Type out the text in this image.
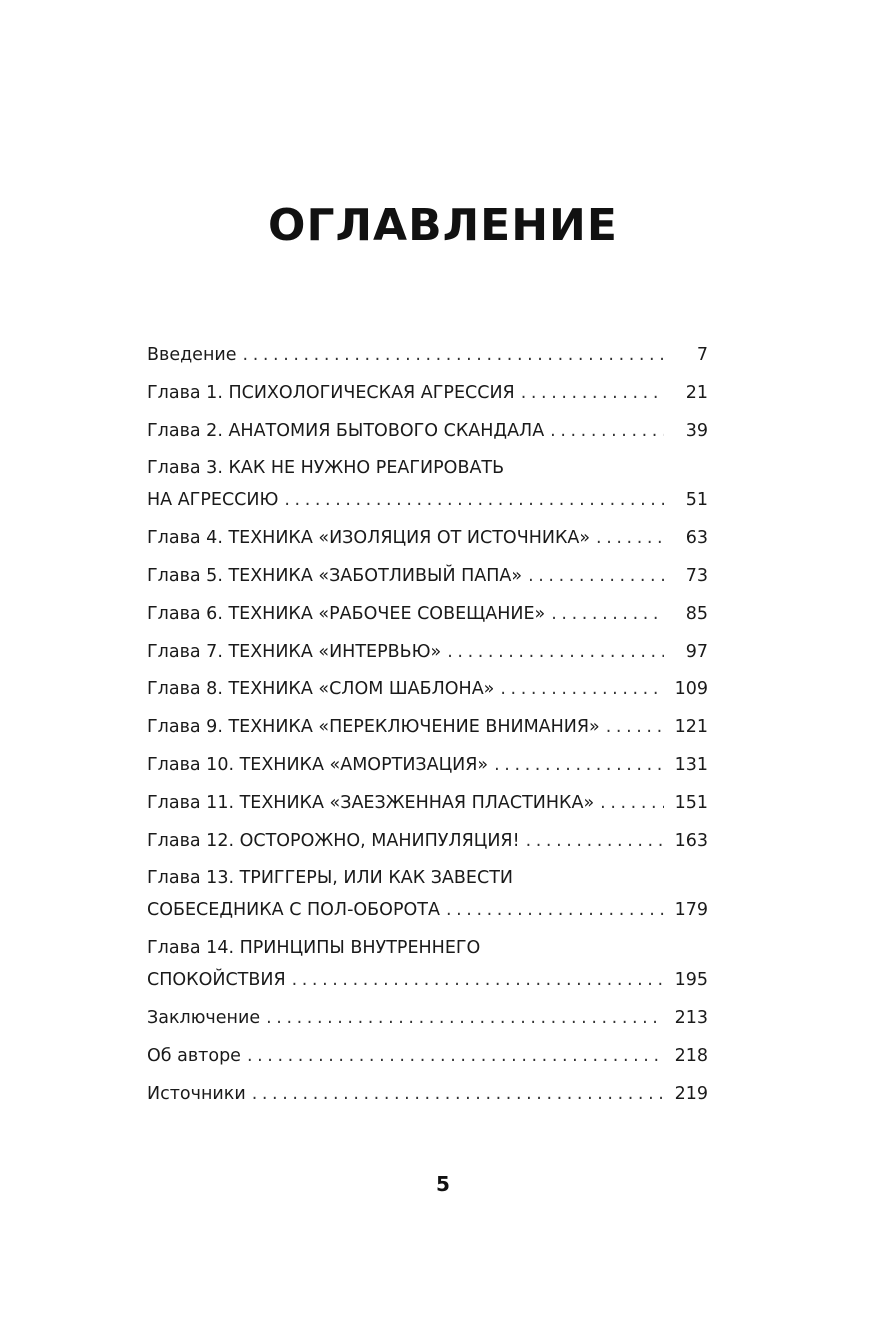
ОГЛАВЛЕНИЕ
Введение .....	7
Глава 1. ПСИХОЛОГИЧЕСКАЯ АГРЕССИЯ .....	21
Глава 2. АНАТОМИЯ БЫТОВОГО СКАНДАЛА .....	39
Глава 3. КАК НЕ НУЖНО РЕАГИРОВАТЬ
НА АГРЕССИЮ .....	51
Глава 4. ТЕХНИКА «ИЗОЛЯЦИЯ ОТ ИСТОЧНИКА» .....	63
Глава 5. ТЕХНИКА «ЗАБОТЛИВЫЙ ПАПА» .....	73
Глава 6. ТЕХНИКА «РАБОЧЕЕ СОВЕЩАНИЕ» .....	85
Глава 7. ТЕХНИКА «ИНТЕРВЬЮ» .....	97
Глава 8. ТЕХНИКА «СЛОМ ШАБЛОНА» .....	109
Глава 9. ТЕХНИКА «ПЕРЕКЛЮЧЕНИЕ ВНИМАНИЯ» .....	121
Глава 10. ТЕХНИКА «АМОРТИЗАЦИЯ» .....	131
Глава 11. ТЕХНИКА «ЗАЕЗЖЕННАЯ ПЛАСТИНКА» .....	151
Глава 12. ОСТОРОЖНО, МАНИПУЛЯЦИЯ! .....	163
Глава 13. ТРИГГЕРЫ, ИЛИ КАК ЗАВЕСТИ
СОБЕСЕДНИКА С ПОЛ-ОБОРОТА .....	179
Глава 14. ПРИНЦИПЫ ВНУТРЕННЕГО
СПОКОЙСТВИЯ .....	195
Заключение .....	213
Об авторе .....	218
Источники .....	219
5
